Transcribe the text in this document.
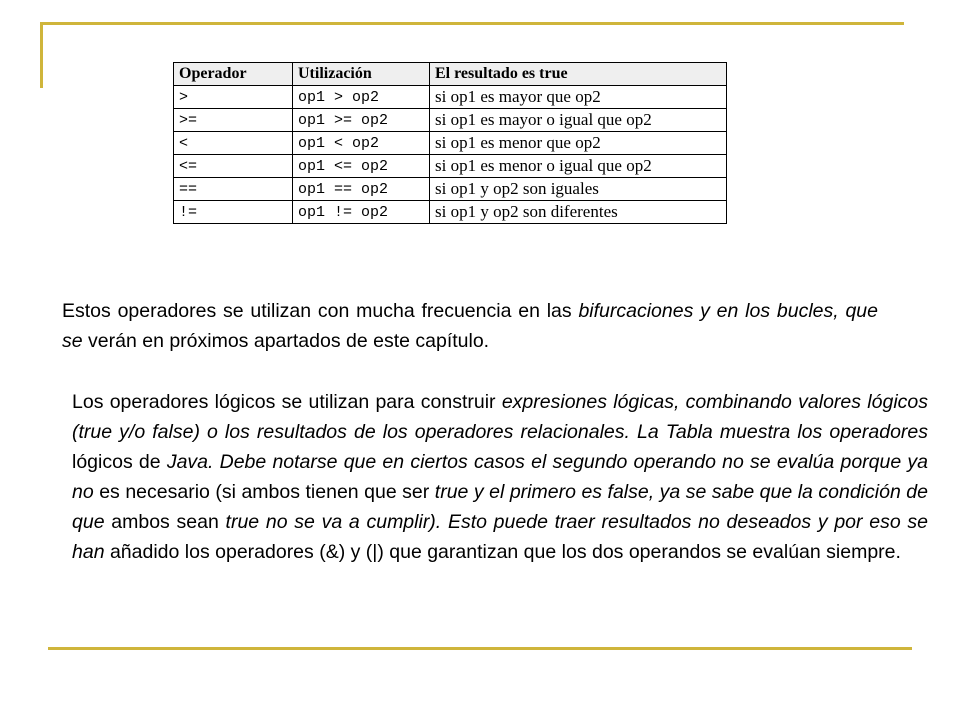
Operador	Utilización	El resultado es true
>	op1 > op2	si op1 es mayor que op2
>=	op1 >= op2	si op1 es mayor o igual que op2
<	op1 < op2	si op1 es menor que op2
<=	op1 <= op2	si op1 es menor o igual que op2
==	op1 == op2	si op1 y op2 son iguales
!=	op1 != op2	si op1 y op2 son diferentes

Estos operadores se utilizan con mucha frecuencia en las bifurcaciones y en los bucles, que se verán en próximos apartados de este capítulo.

Los operadores lógicos se utilizan para construir expresiones lógicas, combinando valores lógicos (true y/o false) o los resultados de los operadores relacionales. La Tabla muestra los operadores lógicos de Java. Debe notarse que en ciertos casos el segundo operando no se evalúa porque ya no es necesario (si ambos tienen que ser true y el primero es false, ya se sabe que la condición de que ambos sean true no se va a cumplir). Esto puede traer resultados no deseados y por eso se han añadido los operadores (&) y (|) que garantizan que los dos operandos se evalúan siempre.
